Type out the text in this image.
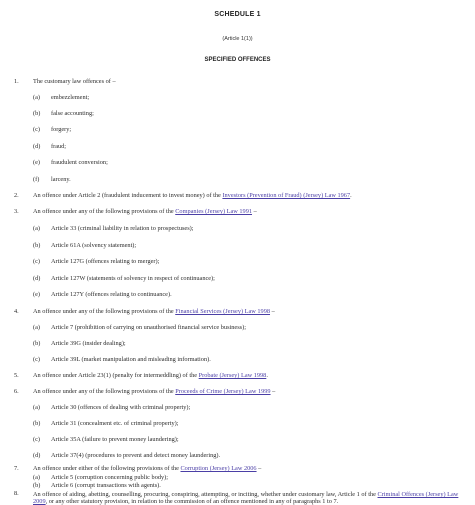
SCHEDULE 1
(Article 1(1))
SPECIFIED OFFENCES
1. The customary law offences of –
(a) embezzlement;
(b) false accounting;
(c) forgery;
(d) fraud;
(e) fraudulent conversion;
(f) larceny.
2. An offence under Article 2 (fraudulent inducement to invest money) of the Investors (Prevention of Fraud) (Jersey) Law 1967.
3. An offence under any of the following provisions of the Companies (Jersey) Law 1991 –
(a) Article 33 (criminal liability in relation to prospectuses);
(b) Article 61A (solvency statement);
(c) Article 127G (offences relating to merger);
(d) Article 127W (statements of solvency in respect of continuance);
(e) Article 127Y (offences relating to continuance).
4. An offence under any of the following provisions of the Financial Services (Jersey) Law 1998 –
(a) Article 7 (prohibition of carrying on unauthorised financial service business);
(b) Article 39G (insider dealing);
(c) Article 39L (market manipulation and misleading information).
5. An offence under Article 23(1) (penalty for intermeddling) of the Probate (Jersey) Law 1998.
6. An offence under any of the following provisions of the Proceeds of Crime (Jersey) Law 1999 –
(a) Article 30 (offences of dealing with criminal property);
(b) Article 31 (concealment etc. of criminal property);
(c) Article 35A (failure to prevent money laundering);
(d) Article 37(4) (procedures to prevent and detect money laundering).
7. An offence under either of the following provisions of the Corruption (Jersey) Law 2006 –
(a) Article 5 (corruption concerning public body);
(b) Article 6 (corrupt transactions with agents).
8. An offence of aiding, abetting, counselling, procuring, conspiring, attempting, or inciting, whether under customary law, Article 1 of the Criminal Offences (Jersey) Law 2009, or any other statutory provision, in relation to the commission of an offence mentioned in any of paragraphs 1 to 7.
